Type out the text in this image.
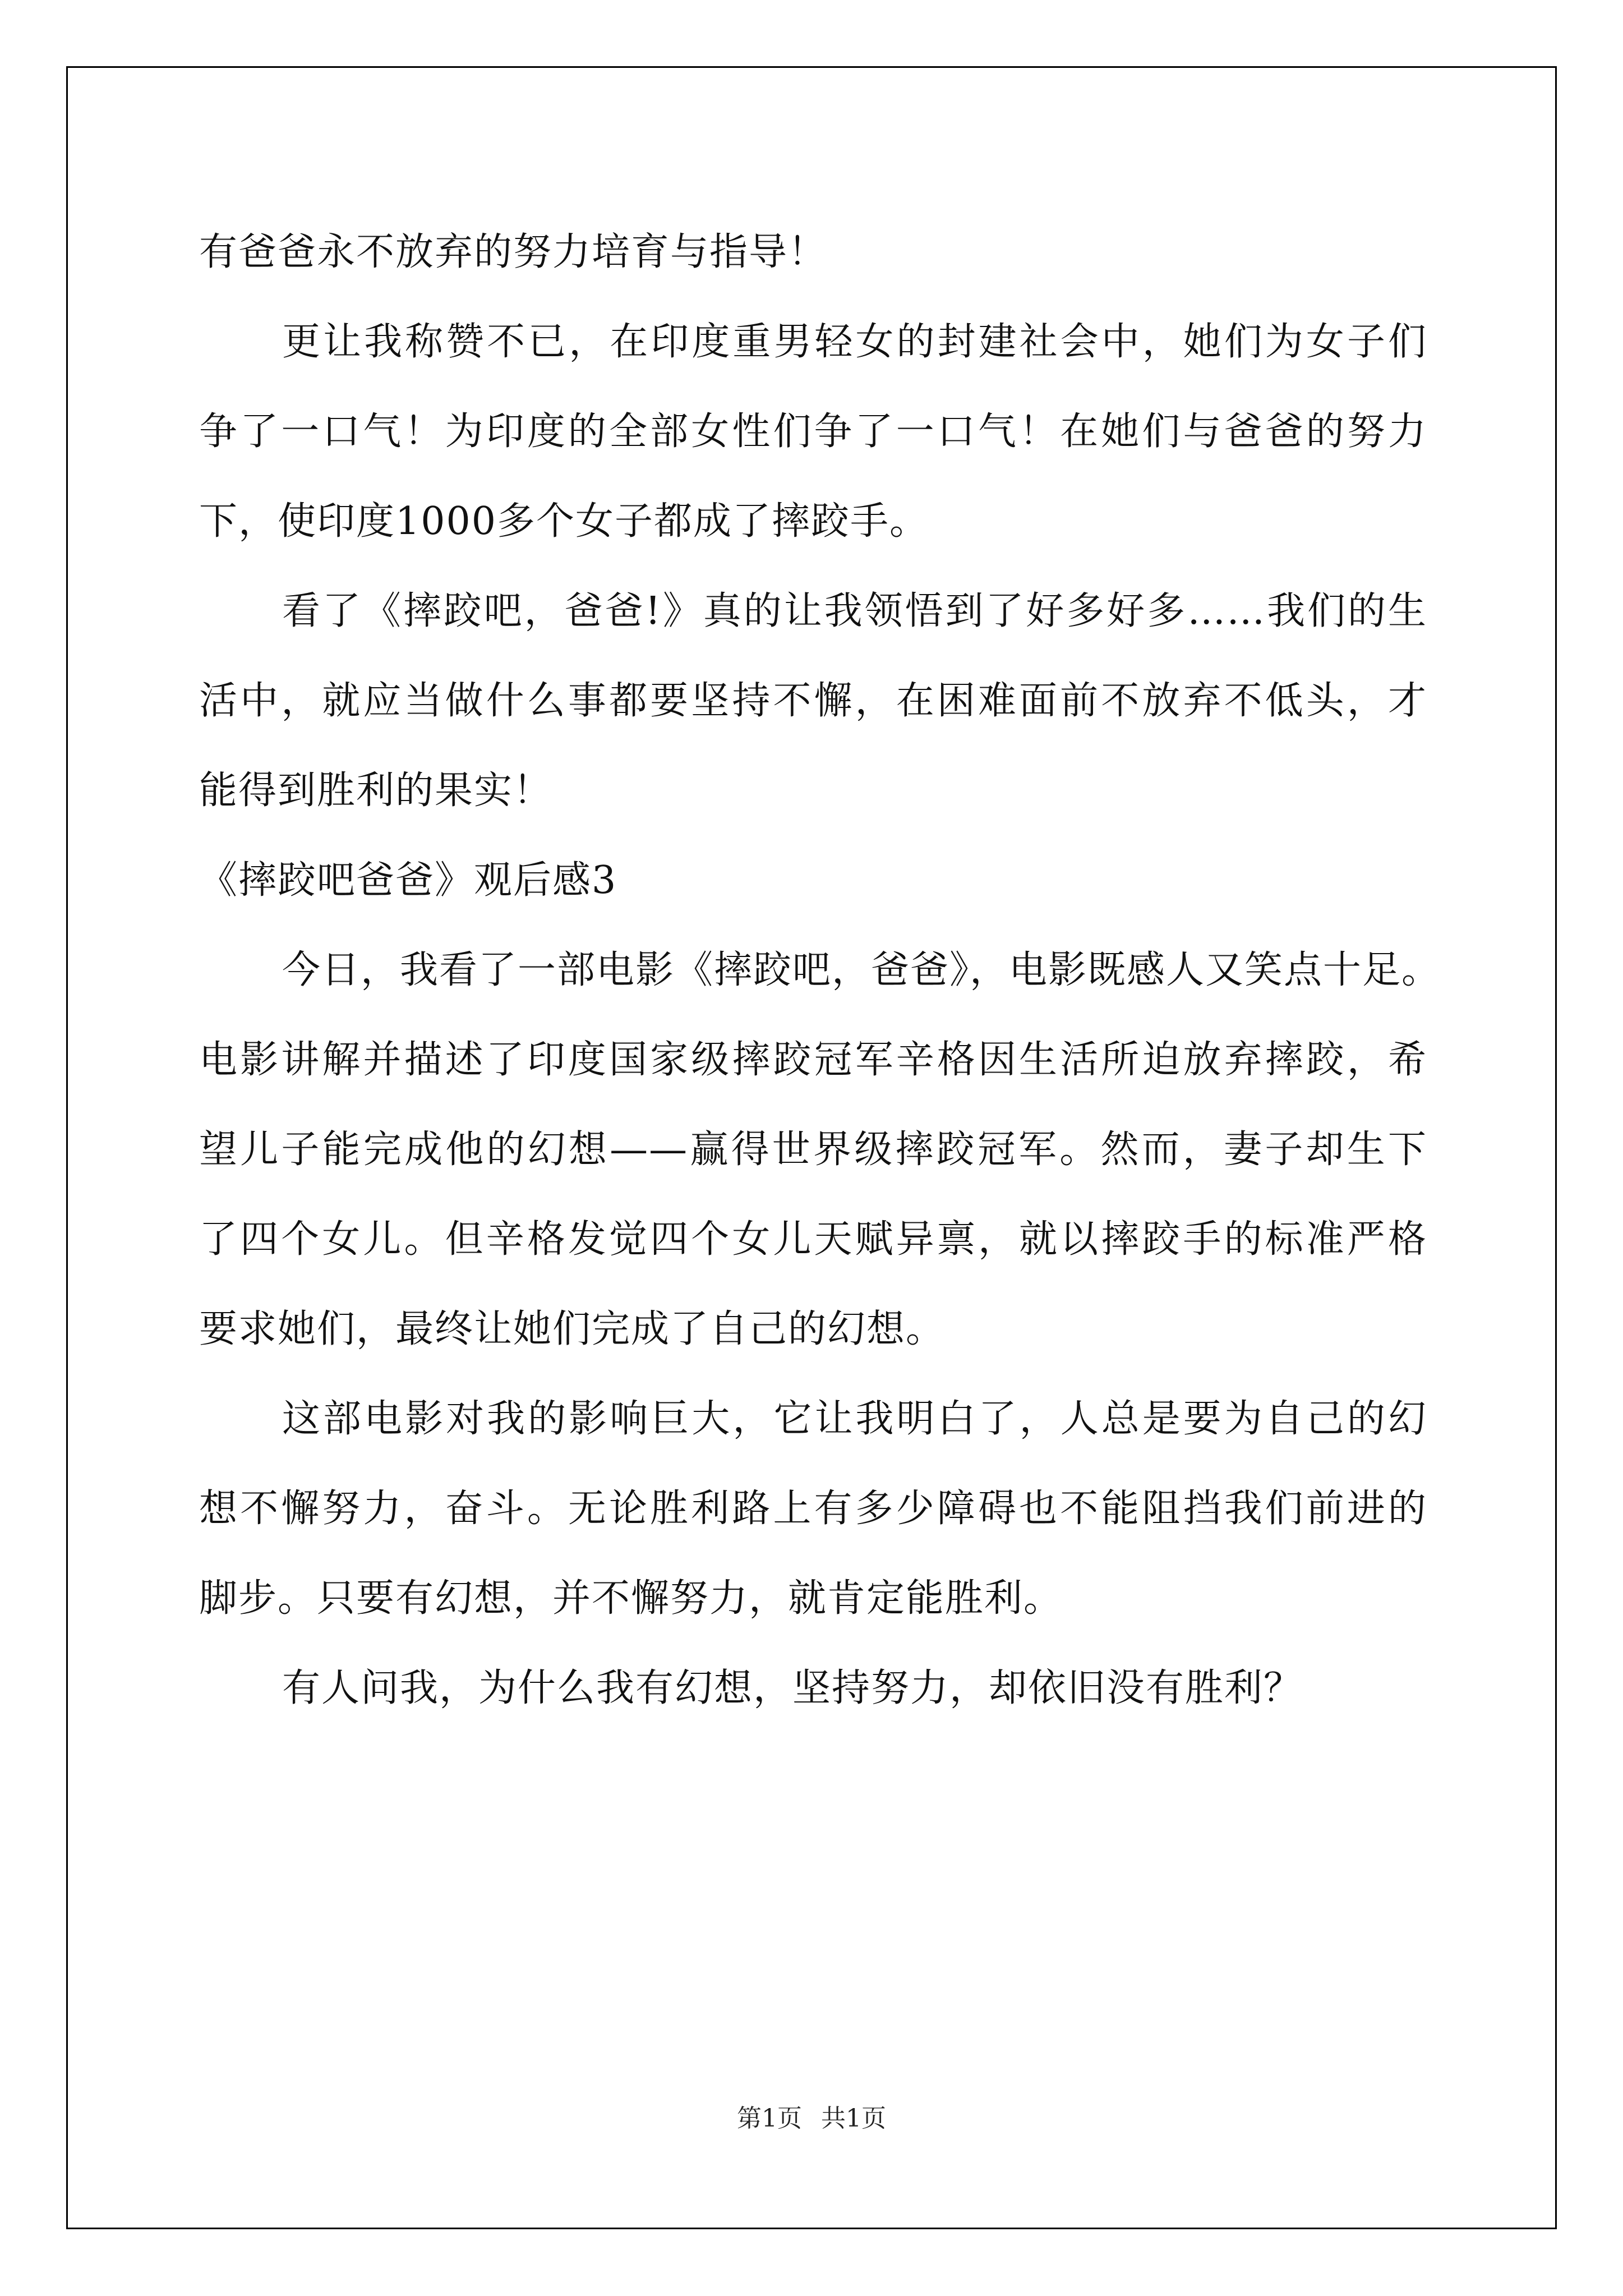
有爸爸永不放弃的努力培育与指导！
更让我称赞不已，在印度重男轻女的封建社会中，她们为女子们
争了一口气！为印度的全部女性们争了一口气！在她们与爸爸的努力
下，使印度1000多个女子都成了摔跤手。
看了《摔跤吧，爸爸!》真的让我领悟到了好多好多……我们的生
活中，就应当做什么事都要坚持不懈，在困难面前不放弃不低头，才
能得到胜利的果实！
《摔跤吧爸爸》观后感3
今日，我看了一部电影《摔跤吧，爸爸》，电影既感人又笑点十足。
电影讲解并描述了印度国家级摔跤冠军辛格因生活所迫放弃摔跤，希
望儿子能完成他的幻想——赢得世界级摔跤冠军。然而，妻子却生下
了四个女儿。但辛格发觉四个女儿天赋异禀，就以摔跤手的标准严格
要求她们，最终让她们完成了自己的幻想。
这部电影对我的影响巨大，它让我明白了，人总是要为自己的幻
想不懈努力，奋斗。无论胜利路上有多少障碍也不能阻挡我们前进的
脚步。只要有幻想，并不懈努力，就肯定能胜利。
有人问我，为什么我有幻想，坚持努力，却依旧没有胜利？
第1页 共1页
